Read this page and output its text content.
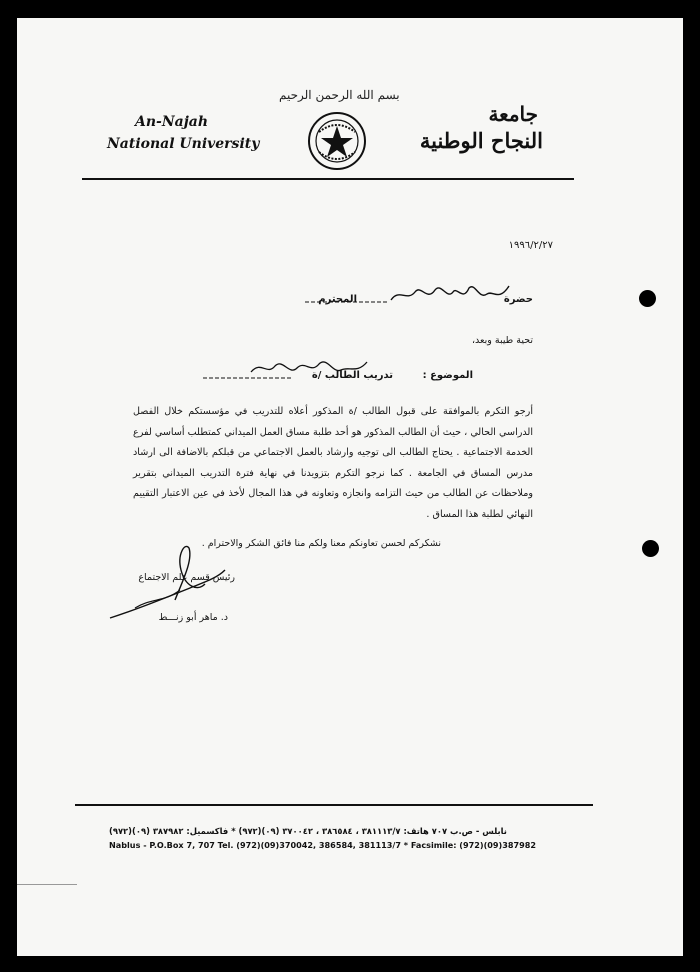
بسم الله الرحمن الرحيم
An-Najah
National University
جامعة
النجاح الوطنية
١٩٩٦/٢/٢٧
حضرة
المحترم
تحية طيبة وبعد،
الموضوع :
تدريب الطالب /ة
أرجو التكرم بالموافقة على قبول الطالب /ة المذكور أعلاه للتدريب في مؤسستكم خلال الفصل الدراسي الحالي ، حيث أن الطالب المذكور هو أحد طلبة مساق العمل الميداني كمتطلب أساسي لفرع الخدمة الاجتماعية . يحتاج الطالب الى توجيه وارشاد بالعمل الاجتماعي من قبلكم بالاضافة الى ارشاد مدرس المساق في الجامعة . كما نرجو التكرم بتزويدنا في نهاية فترة التدريب الميداني بتقرير وملاحظات عن الطالب من حيث التزامه وانجازه وتعاونه في هذا المجال لأخذ في عين الاعتبار التقييم النهائي لطلبة هذا المساق .
نشكركم لحسن تعاونكم معنا ولكم منا فائق الشكر والاحترام .
رئيس قسم علم الاجتماع
د. ماهر أبو زنـــط
نابلس - ص.ب ٧٠٧ هاتف: ٣٨١١١٣/٧ ، ٣٨٦٥٨٤ ، ٣٧٠٠٤٢ (٠٩)(٩٧٢) * فاكسميل: ٣٨٧٩٨٢ (٠٩)(٩٧٢)
Nablus - P.O.Box 7, 707 Tel. (972)(09)370042, 386584, 381113/7 * Facsimile: (972)(09)387982
